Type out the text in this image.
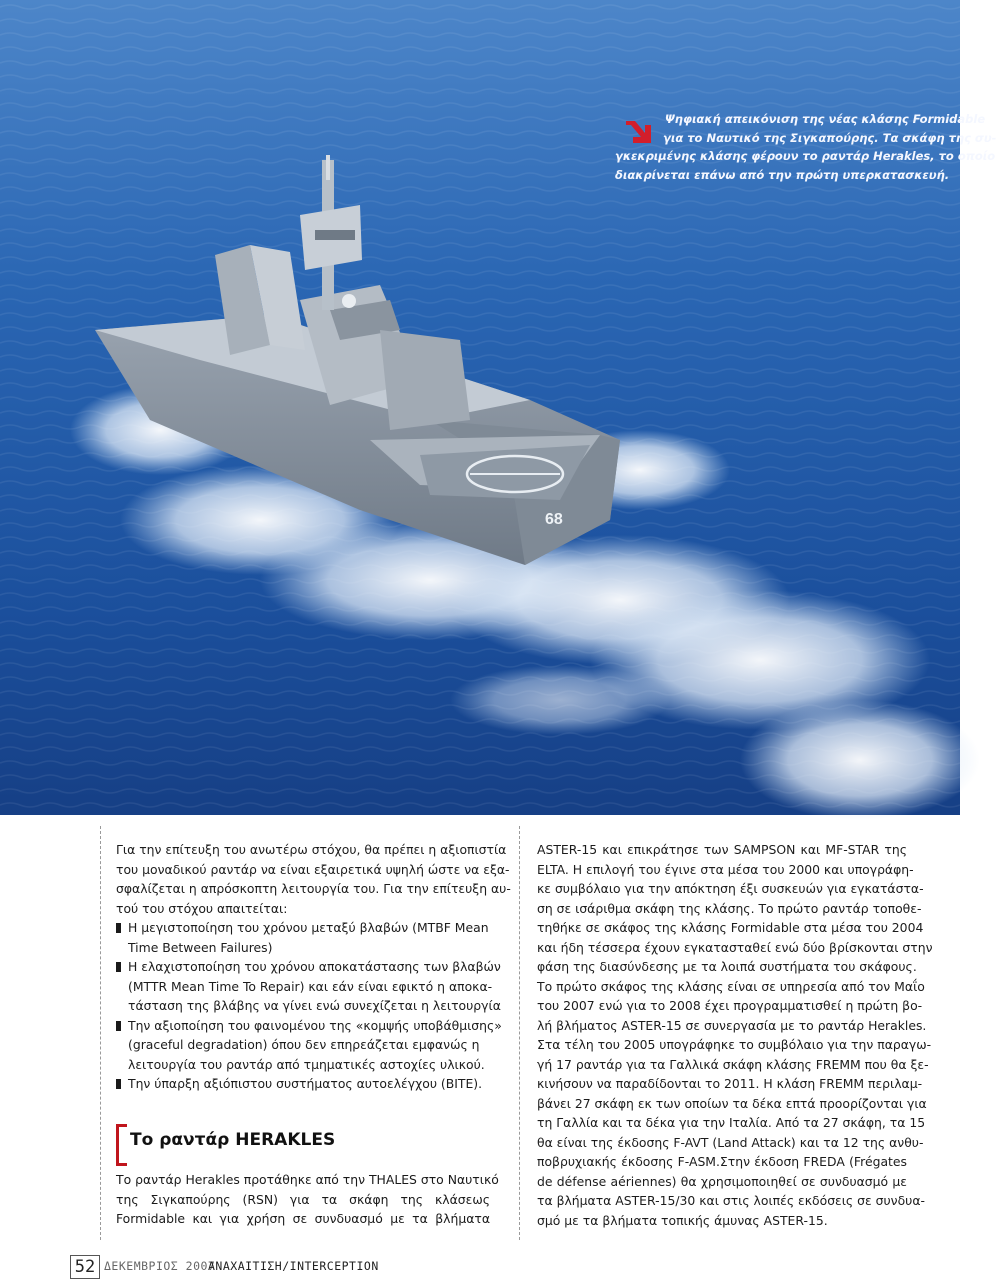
68
Ψηφιακή απεικόνιση της νέας κλάσης Formidable
για το Ναυτικό της Σιγκαπούρης. Τα σκάφη της συ-
γκεκριμένης κλάσης φέρουν το ραντάρ Herakles, το οποίο
διακρίνεται επάνω από την πρώτη υπερκατασκευή.

Για την επίτευξη του ανωτέρω στόχου, θα πρέπει η αξιοπιστία
του μοναδικού ραντάρ να είναι εξαιρετικά υψηλή ώστε να εξα-
σφαλίζεται η απρόσκοπτη λειτουργία του. Για την επίτευξη αυ-
τού του στόχου απαιτείται:

Η μεγιστοποίηση του χρόνου μεταξύ βλαβών (MTBF Mean
Time Between Failures)
Η ελαχιστοποίηση του χρόνου αποκατάστασης των βλαβών
(MTTR Mean Time To Repair) και εάν είναι εφικτό η αποκα-
τάσταση της βλάβης να γίνει ενώ συνεχίζεται η λειτουργία
Την αξιοποίηση του φαινομένου της «κομψής υποβάθμισης»
(graceful degradation) όπου δεν επηρεάζεται εμφανώς η
λειτουργία του ραντάρ από τμηματικές αστοχίες υλικού.
Την ύπαρξη αξιόπιστου συστήματος αυτοελέγχου (BITE).
Το ραντάρ HERAKLES
Το ραντάρ Herakles προτάθηκε από την THALES στο Ναυτικό
της Σιγκαπούρης (RSN) για τα σκάφη της κλάσεως
Formidable και για χρήση σε συνδυασμό με τα βλήματα

ASTER-15 και επικράτησε των SAMPSON και MF-STAR της
ELTA. Η επιλογή του έγινε στα μέσα του 2000 και υπογράφη-
κε συμβόλαιο για την απόκτηση έξι συσκευών για εγκατάστα-
ση σε ισάριθμα σκάφη της κλάσης. Το πρώτο ραντάρ τοποθε-
τηθήκε σε σκάφος της κλάσης Formidable στα μέσα του 2004
και ήδη τέσσερα έχουν εγκατασταθεί ενώ δύο βρίσκονται στην
φάση της διασύνδεσης με τα λοιπά συστήματα του σκάφους.
Το πρώτο σκάφος της κλάσης είναι σε υπηρεσία από τον Μαΐο
του 2007 ενώ για το 2008 έχει προγραμματισθεί η πρώτη βο-
λή βλήματος ASTER-15 σε συνεργασία με το ραντάρ Herakles.
Στα τέλη του 2005 υπογράφηκε το συμβόλαιο για την παραγω-
γή 17 ραντάρ για τα Γαλλικά σκάφη κλάσης FREMM που θα ξε-
κινήσουν να παραδίδονται το 2011. Η κλάση FREMM περιλαμ-
βάνει 27 σκάφη εκ των οποίων τα δέκα επτά προορίζονται για
τη Γαλλία και τα δέκα για την Ιταλία. Από τα 27 σκάφη, τα 15
θα είναι της έκδοσης F-AVT (Land Attack) και τα 12 της ανθυ-
ποβρυχιακής έκδοσης F-ASM.Στην έκδοση FREDA (Frégates
de défense aériennes) θα χρησιμοποιηθεί σε συνδυασμό με
τα βλήματα ASTER-15/30 και στις λοιπές εκδόσεις σε συνδυα-
σμό με τα βλήματα τοπικής άμυνας ASTER-15.

52 ΔΕΚΕΜΒΡΙΟΣ 2007
ΑΝΑΧΑΙΤΙΣΗ/INTERCEPTION
